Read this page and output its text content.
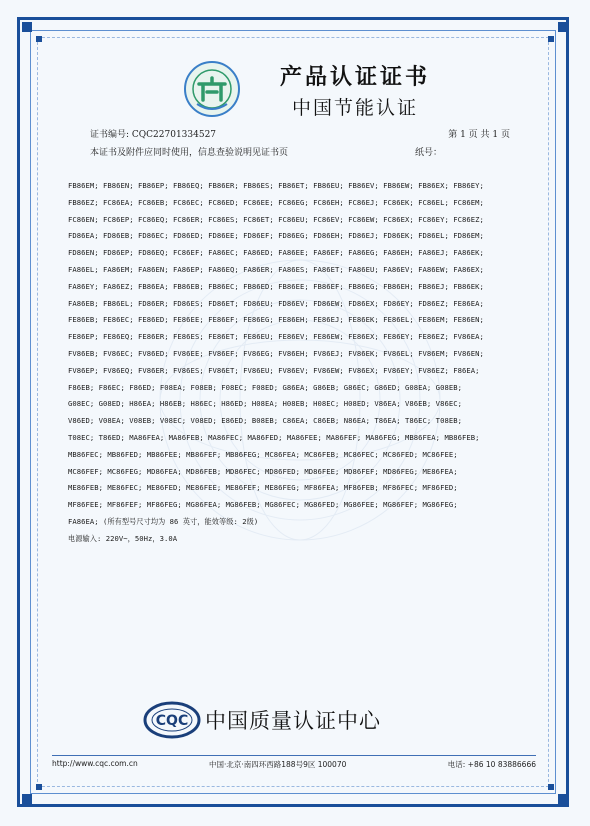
产品认证证书
中国节能认证
证书编号: CQC22701334527	第 1 页 共 1 页
本证书及附件应同时使用，信息查验说明见证书页	纸号：
FB86EM; FB86EN; FB86EP; FB86EQ; FB86ER; FB86ES; FB86ET; FB86EU; FB86EV; FB86EW; FB86EX; FB86EY;
FB86EZ; FC86EA; FC86EB; FC86EC; FC86ED; FC86EE; FC86EG; FC86EH; FC86EJ; FC86EK; FC86EL; FC86EM;
FC86EN; FC86EP; FC86EQ; FC86ER; FC86ES; FC86ET; FC86EU; FC86EV; FC86EW; FC86EX; FC86EY; FC86EZ;
FD86EA; FD86EB; FD86EC; FD86ED; FD86EE; FD86EF; FD86EG; FD86EH; FD86EJ; FD86EK; FD86EL; FD86EM;
FD86EN; FD86EP; FD86EQ; FC86EF; FA86EC; FA86ED; FA86EE; FA86EF; FA86EG; FA86EH; FA86EJ; FA86EK;
FA86EL; FA86EM; FA86EN; FA86EP; FA86EQ; FA86ER; FA86ES; FA86ET; FA86EU; FA86EV; FA86EW; FA86EX;
FA86EY; FA86EZ; FB86EA; FB86EB; FB86EC; FB86ED; FB86EE; FB86EF; FB86EG; FB86EH; FB86EJ; FB86EK;
FA86EB; FB86EL; FD86ER; FD86ES; FD86ET; FD86EU; FD86EV; FD86EW; FD86EX; FD86EY; FD86EZ; FE86EA;
FE86EB; FE86EC; FE86ED; FE86EE; FE86EF; FE86EG; FE86EH; FE86EJ; FE86EK; FE86EL; FE86EM; FE86EN;
FE86EP; FE86EQ; FE86ER; FE86ES; FE86ET; FE86EU; FE86EV; FE86EW; FE86EX; FE86EY; FE86EZ; FV86EA;
FV86EB; FV86EC; FV86ED; FV86EE; FV86EF; FV86EG; FV86EH; FV86EJ; FV86EK; FV86EL; FV86EM; FV86EN;
FV86EP; FV86EQ; FV86ER; FV86ES; FV86ET; FV86EU; FV86EV; FV86EW; FV86EX; FV86EY; FV86EZ; F86EA;
F86EB; F86EC; F86ED; F08EA; F08EB; F08EC; F08ED; G86EA; G86EB; G86EC; G86ED; G08EA; G08EB;
G08EC; G08ED; H86EA; H86EB; H86EC; H86ED; H08EA; H08EB; H08EC; H08ED; V86EA; V86EB; V86EC;
V86ED; V08EA; V08EB; V08EC; V08ED; E86ED; B08EB; C86EA; C86EB; N86EA; T86EA; T86EC; T08EB;
T08EC; T86ED; MA86FEA; MA86FEB; MA86FEC; MA86FED; MA86FEE; MA86FEF; MA86FEG; MB86FEA; MB86FEB;
MB86FEC; MB86FED; MB86FEE; MB86FEF; MB86FEG; MC86FEA; MC86FEB; MC86FEC; MC86FED; MC86FEE;
MC86FEF; MC86FEG; MD86FEA; MD86FEB; MD86FEC; MD86FED; MD86FEE; MD86FEF; MD86FEG; ME86FEA;
ME86FEB; ME86FEC; ME86FED; ME86FEE; ME86FEF; ME86FEG; MF86FEA; MF86FEB; MF86FEC; MF86FED;
MF86FEE; MF86FEF; MF86FEG; MG86FEA; MG86FEB; MG86FEC; MG86FED; MG86FEE; MG86FEF; MG86FEG;
FA86EA; (所有型号尺寸均为 86 英寸，能效等级: 2级)
电源输入: 220V~，50Hz，3.0A
CQC 中国质量认证中心
http://www.cqc.com.cn	中国·北京·南四环西路188号9区 100070	电话: +86 10 83886666
